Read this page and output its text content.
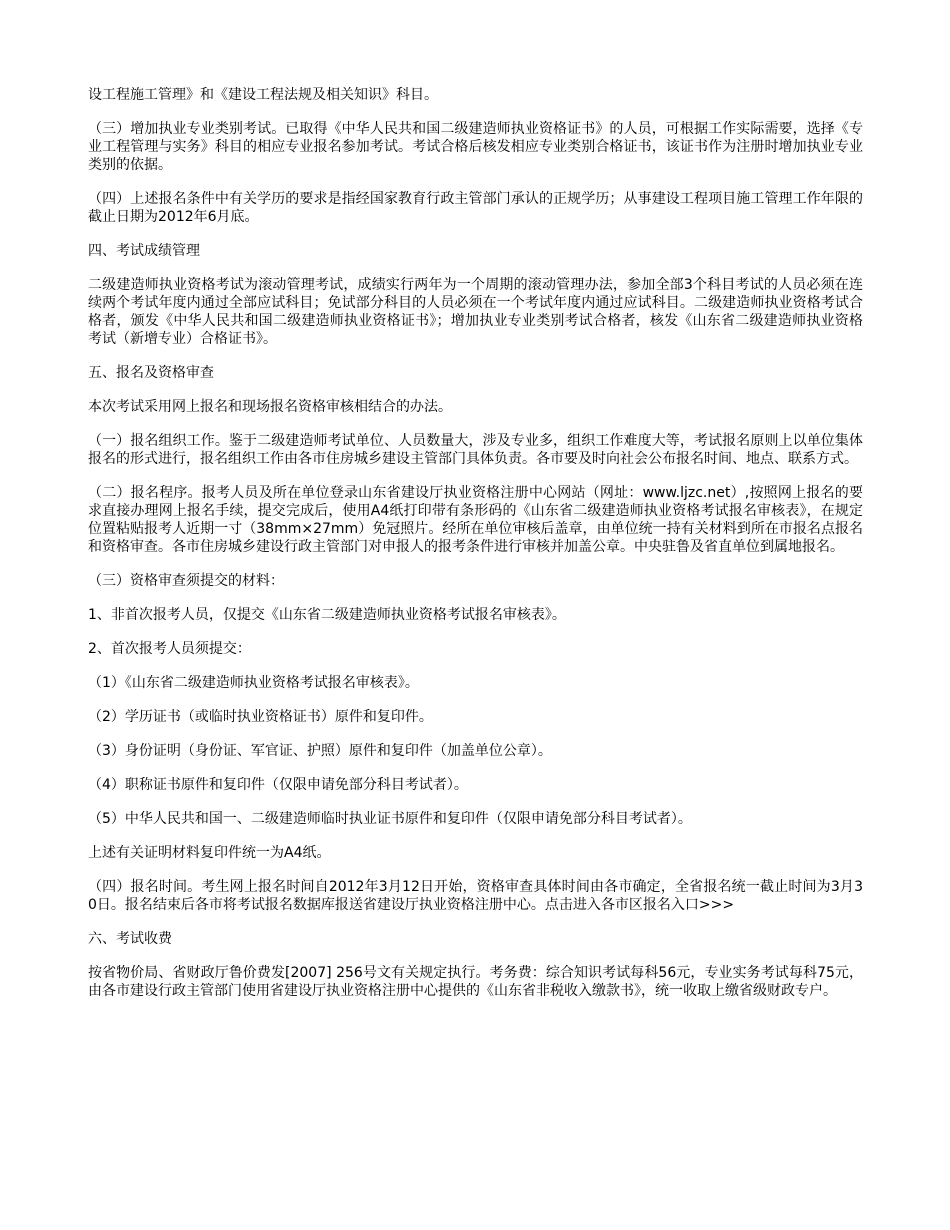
设工程施工管理》和《建设工程法规及相关知识》科目。

（三）增加执业专业类别考试。已取得《中华人民共和国二级建造师执业资格证书》的人员，可根据工作实际需要，选择《专业工程管理与实务》科目的相应专业报名参加考试。考试合格后核发相应专业类别合格证书，该证书作为注册时增加执业专业类别的依据。

（四）上述报名条件中有关学历的要求是指经国家教育行政主管部门承认的正规学历；从事建设工程项目施工管理工作年限的截止日期为2012年6月底。

四、考试成绩管理

二级建造师执业资格考试为滚动管理考试，成绩实行两年为一个周期的滚动管理办法，参加全部3个科目考试的人员必须在连续两个考试年度内通过全部应试科目；免试部分科目的人员必须在一个考试年度内通过应试科目。二级建造师执业资格考试合格者，颁发《中华人民共和国二级建造师执业资格证书》；增加执业专业类别考试合格者，核发《山东省二级建造师执业资格考试（新增专业）合格证书》。

五、报名及资格审查

本次考试采用网上报名和现场报名资格审核相结合的办法。

（一）报名组织工作。鉴于二级建造师考试单位、人员数量大，涉及专业多，组织工作难度大等，考试报名原则上以单位集体报名的形式进行，报名组织工作由各市住房城乡建设主管部门具体负责。各市要及时向社会公布报名时间、地点、联系方式。

（二）报名程序。报考人员及所在单位登录山东省建设厅执业资格注册中心网站（网址：www.ljzc.net）,按照网上报名的要求直接办理网上报名手续，提交完成后，使用A4纸打印带有条形码的《山东省二级建造师执业资格考试报名审核表》，在规定位置粘贴报考人近期一寸（38mm×27mm）免冠照片。经所在单位审核后盖章，由单位统一持有关材料到所在市报名点报名和资格审查。各市住房城乡建设行政主管部门对申报人的报考条件进行审核并加盖公章。中央驻鲁及省直单位到属地报名。

（三）资格审查须提交的材料：

1、非首次报考人员，仅提交《山东省二级建造师执业资格考试报名审核表》。

2、首次报考人员须提交：

（1）《山东省二级建造师执业资格考试报名审核表》。

（2）学历证书（或临时执业资格证书）原件和复印件。

（3）身份证明（身份证、军官证、护照）原件和复印件（加盖单位公章）。

（4）职称证书原件和复印件（仅限申请免部分科目考试者）。

（5）中华人民共和国一、二级建造师临时执业证书原件和复印件（仅限申请免部分科目考试者）。

上述有关证明材料复印件统一为A4纸。

（四）报名时间。考生网上报名时间自2012年3月12日开始，资格审查具体时间由各市确定，全省报名统一截止时间为3月30日。报名结束后各市将考试报名数据库报送省建设厅执业资格注册中心。点击进入各市区报名入口>>>

六、考试收费

按省物价局、省财政厅鲁价费发[2007] 256号文有关规定执行。考务费：综合知识考试每科56元，专业实务考试每科75元，由各市建设行政主管部门使用省建设厅执业资格注册中心提供的《山东省非税收入缴款书》，统一收取上缴省级财政专户。
